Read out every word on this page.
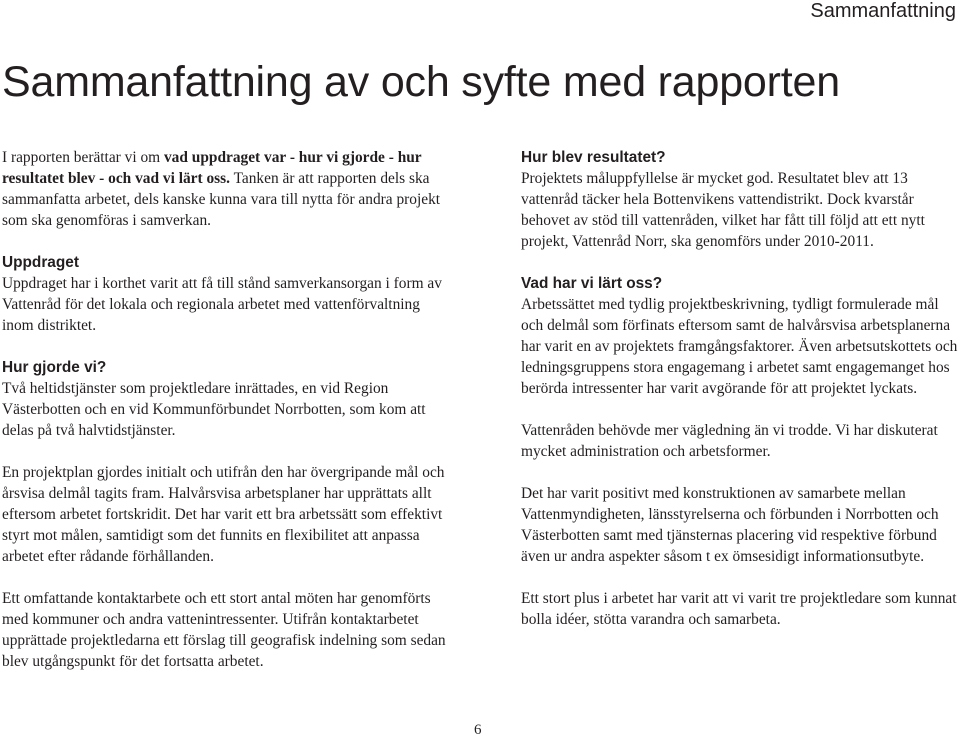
Sammanfattning
Sammanfattning av och syfte med rapporten

I rapporten berättar vi om vad uppdraget var - hur vi gjorde - hur resultatet blev - och vad vi lärt oss. Tanken är att rapporten dels ska sammanfatta arbetet, dels kanske kunna vara till nytta för andra projekt som ska genomföras i samverkan.

Uppdraget

Uppdraget har i korthet varit att få till stånd samverkansorgan i form av Vattenråd för det lokala och regionala arbetet med vattenförvaltning inom distriktet.

Hur gjorde vi?

Två heltidstjänster som projektledare inrättades, en vid Region Västerbotten och en vid Kommunförbundet Norrbotten, som kom att delas på två halvtidstjänster.

En projektplan gjordes initialt och utifrån den har övergripande mål och årsvisa delmål tagits fram. Halvårsvisa arbetsplaner har upprättats allt eftersom arbetet fortskridit. Det har varit ett bra arbetssätt som effektivt styrt mot målen, samtidigt som det funnits en flexibilitet att anpassa arbetet efter rådande förhållanden.

Ett omfattande kontaktarbete och ett stort antal möten har genomförts med kommuner och andra vattenintressenter. Utifrån kontaktarbetet upprättade projektledarna ett förslag till geografisk indelning som sedan blev utgångspunkt för det fortsatta arbetet.

Hur blev resultatet?

Projektets måluppfyllelse är mycket god. Resultatet blev att 13 vattenråd täcker hela Bottenvikens vattendistrikt. Dock kvarstår behovet av stöd till vattenråden, vilket har fått till följd att ett nytt projekt, Vattenråd Norr, ska genomförs under 2010-2011.

Vad har vi lärt oss?

Arbetssättet med tydlig projektbeskrivning, tydligt formulerade mål och delmål som förfinats eftersom samt de halvårsvisa arbetsplanerna har varit en av projektets framgångsfaktorer. Även arbetsutskottets och ledningsgruppens stora engagemang i arbetet samt engagemanget hos berörda intressenter har varit avgörande för att projektet lyckats.

Vattenråden behövde mer vägledning än vi trodde. Vi har diskuterat mycket administration och arbetsformer.

Det har varit positivt med konstruktionen av samarbete mellan Vattenmyndigheten, länsstyrelserna och förbunden i Norrbotten och Västerbotten samt med tjänsternas placering vid respektive förbund även ur andra aspekter såsom t ex ömsesidigt informationsutbyte.

Ett stort plus i arbetet har varit att vi varit tre projektledare som kunnat bolla idéer, stötta varandra och samarbeta.

6
